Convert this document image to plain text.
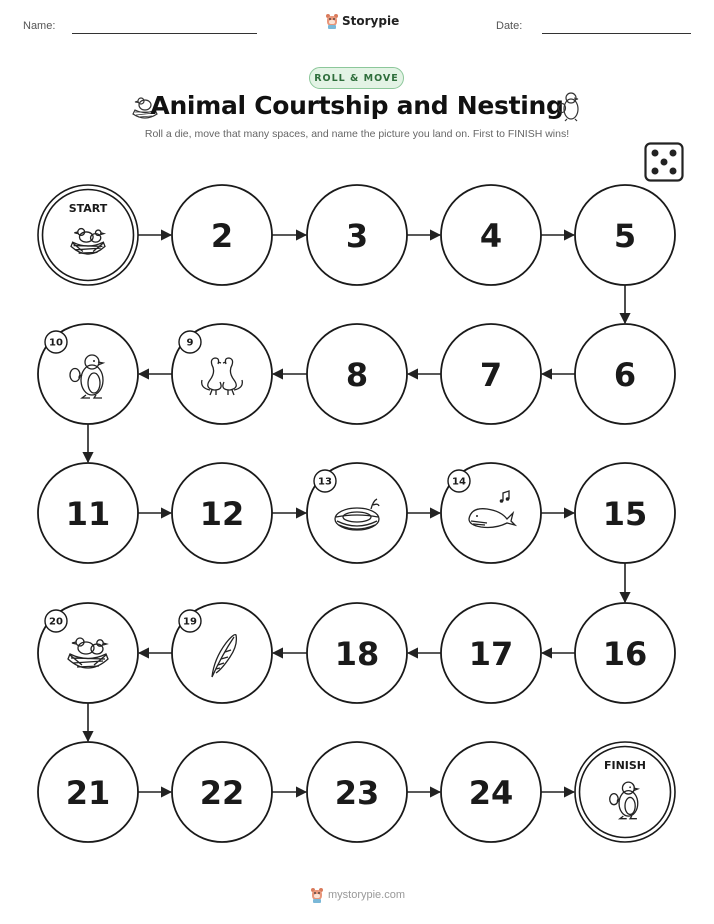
Name:	Storypie	Date:
ROLL & MOVE
Animal Courtship and Nesting
Roll a die, move that many spaces, and name the picture you land on. First to FINISH wins!
START
2	3	4	5
6
7
8
9
10
11	12
13	14
15
16
17
18
19
20
21	22	23	24
FINISH
mystorypie.com
